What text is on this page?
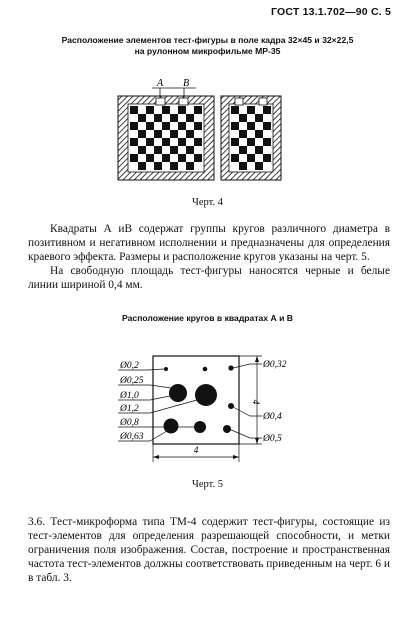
ГОСТ 13.1.702—90 С. 5
Расположение элементов тест-фигуры в поле кадра 32×45 и 32×22,5
на рулонном микрофильме МР-35
А В
Черт. 4

Квадраты А иВ содержат группы кругов различного диаметра в позитивном и негативном исполнении и предназначены для определения краевого эффекта. Размеры и расположение кругов указаны на черт. 5.

На свободную площадь тест-фигуры наносятся черные и белые линии шириной 0,4 мм.

Расположение кругов в квадратах А и В
Ø0,2
Ø0,25
Ø1,0
Ø1,2
Ø0,8
Ø0,63
Ø0,32
Ø0,4
Ø0,5
4
4
Черт. 5

3.6. Тест-микроформа типа ТМ-4 содержит тест-фигуры, состоящие из тест-элементов для определения разрешающей способности, и метки ограничения поля изображения. Состав, построение и пространственная частота тест-элементов должны соответствовать приведенным на черт. 6 и в табл. 3.
